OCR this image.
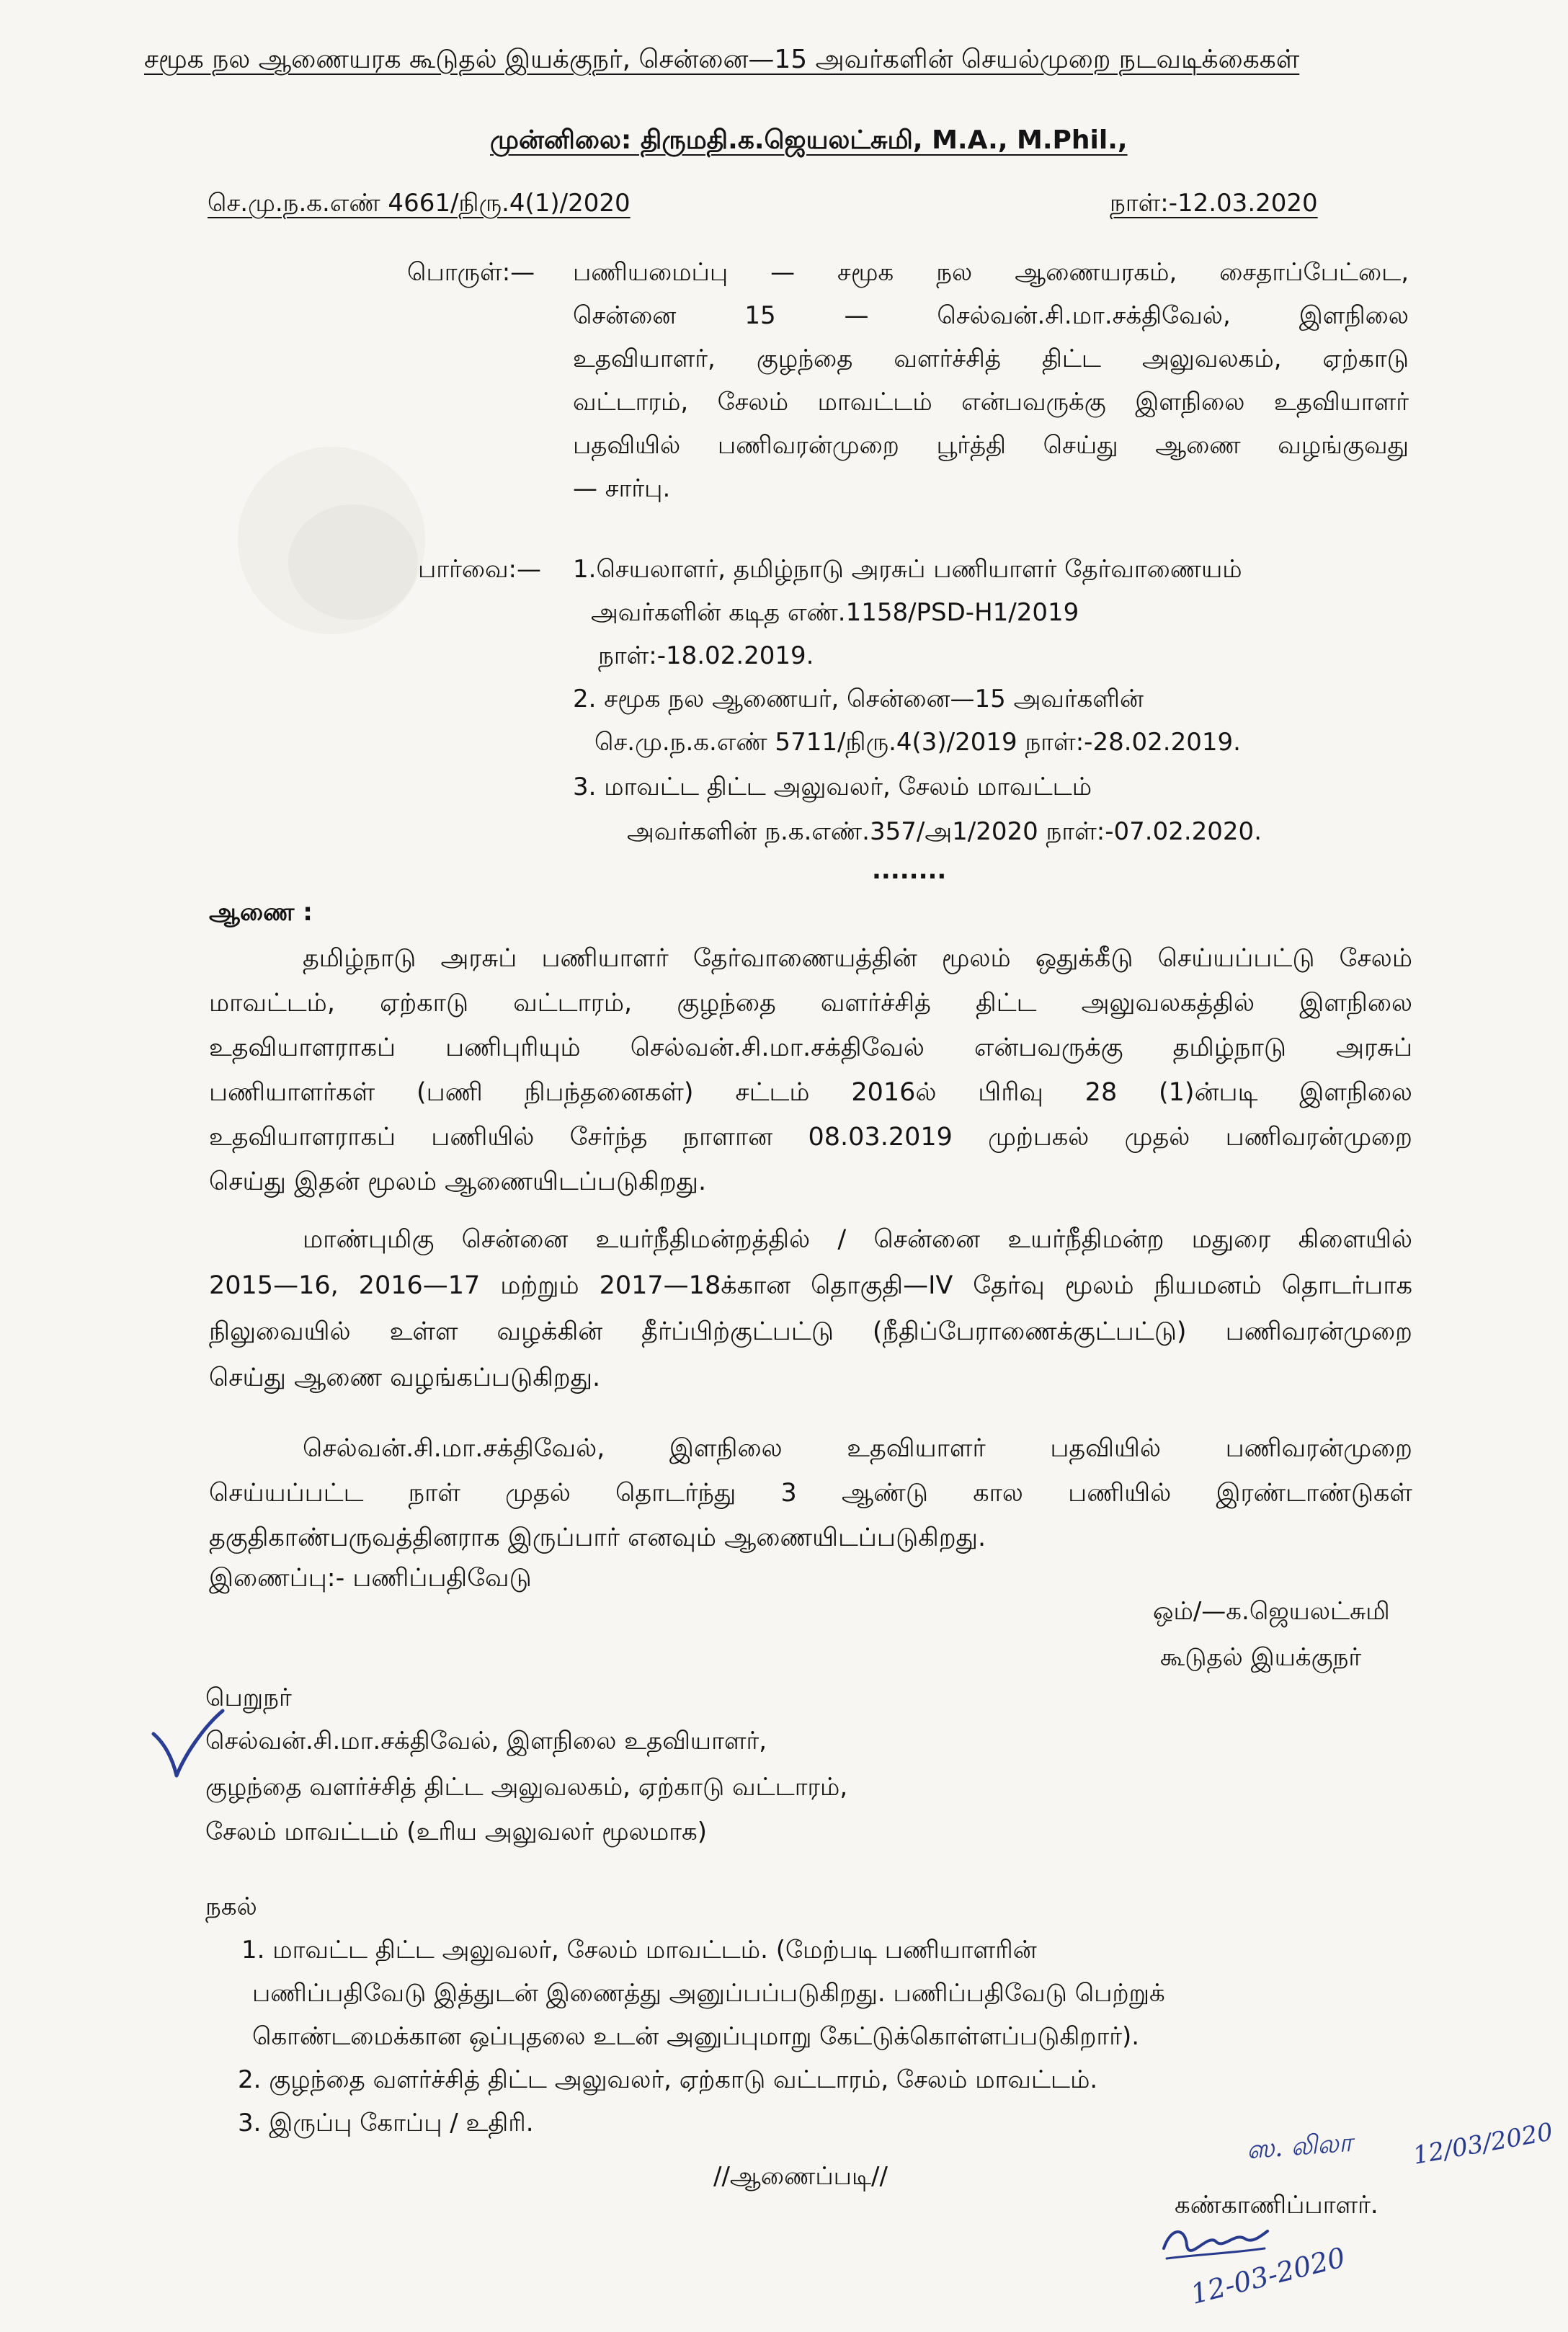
சமூக நல ஆணையரக கூடுதல் இயக்குநர், சென்னை—15 அவர்களின் செயல்முறை நடவடிக்கைகள்
முன்னிலை: திருமதி.க.ஜெயலட்சுமி, M.A., M.Phil.,
செ.மு.ந.க.எண் 4661/நிரு.4(1)/2020	நாள்:-12.03.2020
பொருள்:— பணியமைப்பு — சமூக நல ஆணையரகம், சைதாப்பேட்டை,
சென்னை 15 — செல்வன்.சி.மா.சக்திவேல், இளநிலை
உதவியாளர், குழந்தை வளர்ச்சித் திட்ட அலுவலகம், ஏற்காடு
வட்டாரம், சேலம் மாவட்டம் என்பவருக்கு இளநிலை உதவியாளர்
பதவியில் பணிவரன்முறை பூர்த்தி செய்து ஆணை வழங்குவது
— சார்பு.
பார்வை:— 1.செயலாளர், தமிழ்நாடு அரசுப் பணியாளர் தேர்வாணையம்
அவர்களின் கடித எண்.1158/PSD-H1/2019
நாள்:-18.02.2019.
2. சமூக நல ஆணையர், சென்னை—15 அவர்களின்
செ.மு.ந.க.எண் 5711/நிரு.4(3)/2019 நாள்:-28.02.2019.
3. மாவட்ட திட்ட அலுவலர், சேலம் மாவட்டம்
அவர்களின் ந.க.எண்.357/அ1/2020 நாள்:-07.02.2020.
........
ஆணை :
தமிழ்நாடு அரசுப் பணியாளர் தேர்வாணையத்தின் மூலம் ஒதுக்கீடு செய்யப்பட்டு சேலம்
மாவட்டம், ஏற்காடு வட்டாரம், குழந்தை வளர்ச்சித் திட்ட அலுவலகத்தில் இளநிலை
உதவியாளராகப் பணிபுரியும் செல்வன்.சி.மா.சக்திவேல் என்பவருக்கு தமிழ்நாடு அரசுப்
பணியாளர்கள் (பணி நிபந்தனைகள்) சட்டம் 2016ல் பிரிவு 28 (1)ன்படி இளநிலை
உதவியாளராகப் பணியில் சேர்ந்த நாளான 08.03.2019 முற்பகல் முதல் பணிவரன்முறை
செய்து இதன் மூலம் ஆணையிடப்படுகிறது.
மாண்புமிகு சென்னை உயர்நீதிமன்றத்தில் / சென்னை உயர்நீதிமன்ற மதுரை கிளையில்
2015—16, 2016—17 மற்றும் 2017—18க்கான தொகுதி—IV தேர்வு மூலம் நியமனம் தொடர்பாக
நிலுவையில் உள்ள வழக்கின் தீர்ப்பிற்குட்பட்டு (நீதிப்பேராணைக்குட்பட்டு) பணிவரன்முறை
செய்து ஆணை வழங்கப்படுகிறது.
செல்வன்.சி.மா.சக்திவேல், இளநிலை உதவியாளர் பதவியில் பணிவரன்முறை
செய்யப்பட்ட நாள் முதல் தொடர்ந்து 3 ஆண்டு கால பணியில் இரண்டாண்டுகள்
தகுதிகாண்பருவத்தினராக இருப்பார் எனவும் ஆணையிடப்படுகிறது.
இணைப்பு:- பணிப்பதிவேடு
ஒம்/—க.ஜெயலட்சுமி
கூடுதல் இயக்குநர்
பெறுநர்
செல்வன்.சி.மா.சக்திவேல், இளநிலை உதவியாளர்,
குழந்தை வளர்ச்சித் திட்ட அலுவலகம், ஏற்காடு வட்டாரம்,
சேலம் மாவட்டம் (உரிய அலுவலர் மூலமாக)
நகல்
1. மாவட்ட திட்ட அலுவலர், சேலம் மாவட்டம். (மேற்படி பணியாளரின்
பணிப்பதிவேடு இத்துடன் இணைத்து அனுப்பப்படுகிறது. பணிப்பதிவேடு பெற்றுக்
கொண்டமைக்கான ஒப்புதலை உடன் அனுப்புமாறு கேட்டுக்கொள்ளப்படுகிறார்).
2. குழந்தை வளர்ச்சித் திட்ட அலுவலர், ஏற்காடு வட்டாரம், சேலம் மாவட்டம்.
3. இருப்பு கோப்பு / உதிரி.
//ஆணைப்படி//
ஸ. லிலா 12/03/2020
கண்காணிப்பாளர்.
12-03-2020
